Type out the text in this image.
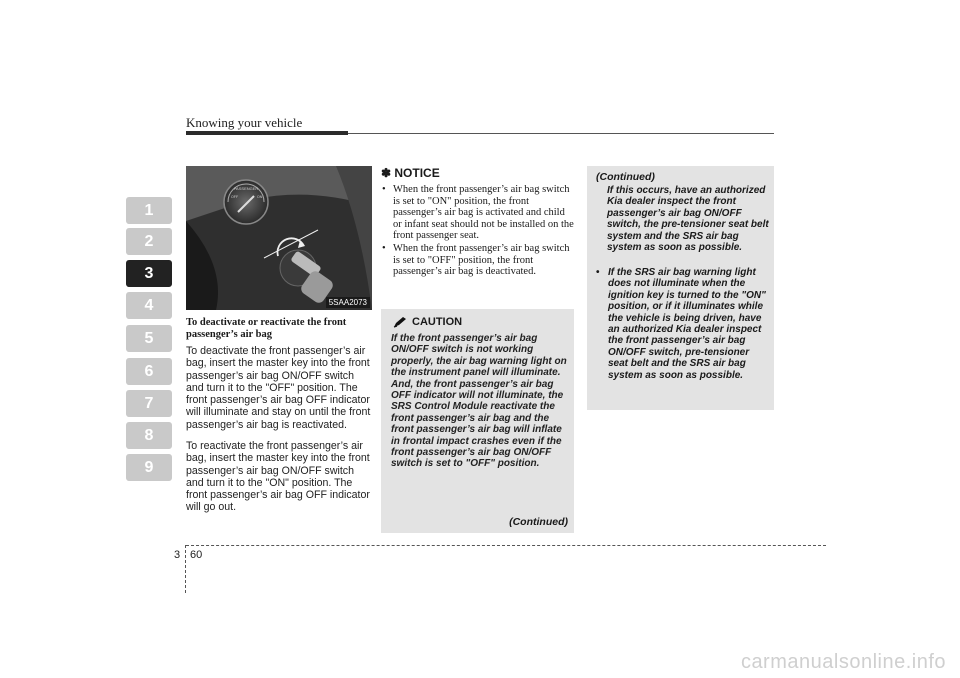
Knowing your vehicle
1
2
3
4
5
6
7
8
9
PASSENGER
OFF	ON
5SAA2073
To deactivate or reactivate the front passenger’s air bag
To deactivate the front passenger’s air bag, insert the master key into the front passenger’s air bag ON/OFF switch and turn it to the "OFF" position. The front passenger’s air bag OFF indicator will illuminate and stay on until the front passenger’s air bag is reactivated.
To reactivate the front passenger’s air bag, insert the master key into the front passenger’s air bag ON/OFF switch and turn it to the "ON" position. The front passenger’s air bag OFF indicator will go out.
✽ NOTICE
• When the front passenger’s air bag switch is set to "ON" position, the front passenger’s air bag is activated and child or infant seat should not be installed on the front passenger seat.
• When the front passenger’s air bag switch is set to "OFF" position, the front passenger’s air bag is deactivated.
CAUTION
If the front passenger’s air bag ON/OFF switch is not working properly, the air bag warning light on the instrument panel will illuminate. And, the front passenger’s air bag OFF indicator will not illuminate, the SRS Control Module reactivate the front passenger’s air bag and the front passenger’s air bag will inflate in frontal impact crashes even if the front passenger’s air bag ON/OFF switch is set to "OFF" position.
(Continued)
(Continued)
If this occurs, have an authorized Kia dealer inspect the front passenger’s air bag ON/OFF switch, the pre-tensioner seat belt system and the SRS air bag system as soon as possible.
• If the SRS air bag warning light does not illuminate when the ignition key is turned to the "ON" position, or if it illuminates while the vehicle is being driven, have an authorized Kia dealer inspect the front passenger’s air bag ON/OFF switch, pre-tensioner seat belt and the SRS air bag system as soon as possible.
3 60
carmanualsonline.info
